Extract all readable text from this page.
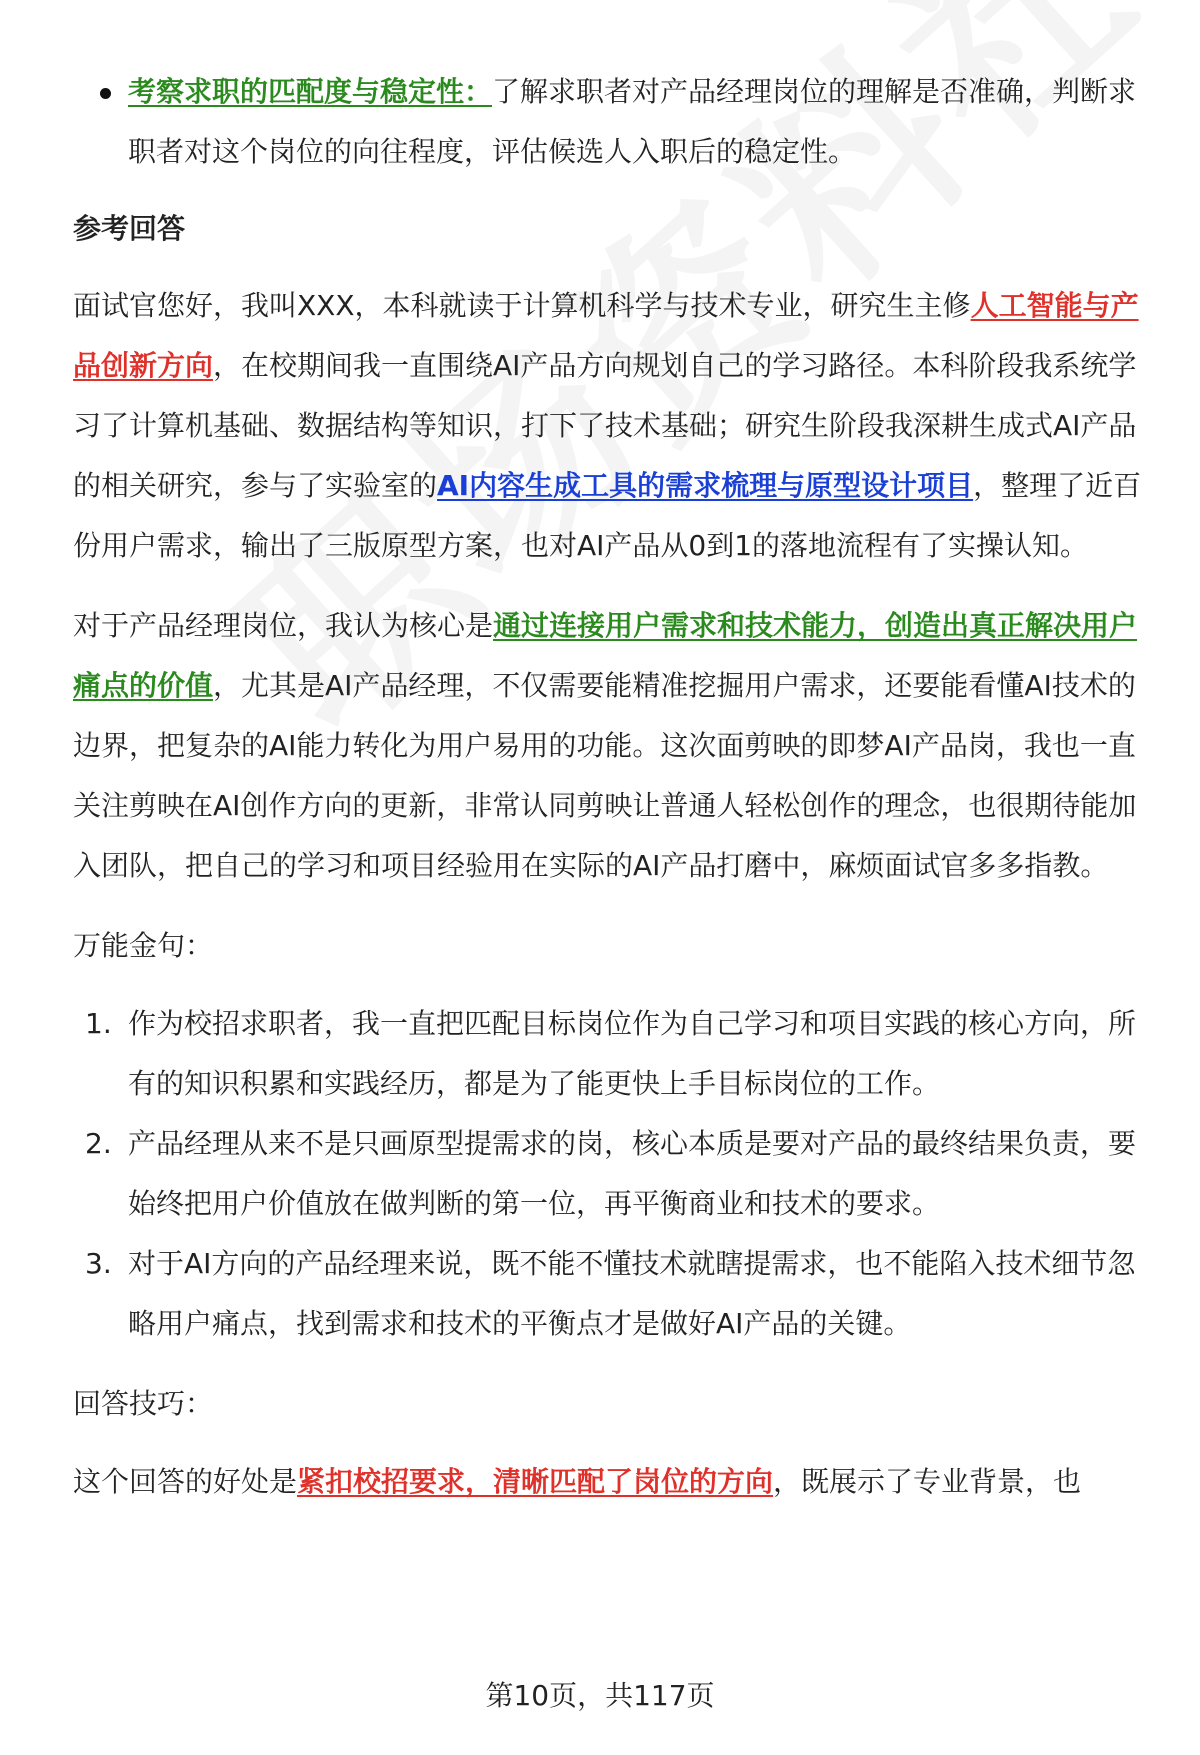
考察求职的匹配度与稳定性：了解求职者对产品经理岗位的理解是否准确，判断求职者对这个岗位的向往程度，评估候选人入职后的稳定性。
参考回答

面试官您好，我叫XXX，本科就读于计算机科学与技术专业，研究生主修人工智能与产品创新方向，在校期间我一直围绕AI产品方向规划自己的学习路径。本科阶段我系统学习了计算机基础、数据结构等知识，打下了技术基础；研究生阶段我深耕生成式AI产品的相关研究，参与了实验室的AI内容生成工具的需求梳理与原型设计项目，整理了近百份用户需求，输出了三版原型方案，也对AI产品从0到1的落地流程有了实操认知。

对于产品经理岗位，我认为核心是通过连接用户需求和技术能力，创造出真正解决用户痛点的价值，尤其是AI产品经理，不仅需要能精准挖掘用户需求，还要能看懂AI技术的边界，把复杂的AI能力转化为用户易用的功能。这次面剪映的即梦AI产品岗，我也一直关注剪映在AI创作方向的更新，非常认同剪映让普通人轻松创作的理念，也很期待能加入团队，把自己的学习和项目经验用在实际的AI产品打磨中，麻烦面试官多多指教。

万能金句：
1. 作为校招求职者，我一直把匹配目标岗位作为自己学习和项目实践的核心方向，所有的知识积累和实践经历，都是为了能更快上手目标岗位的工作。
2. 产品经理从来不是只画原型提需求的岗，核心本质是要对产品的最终结果负责，要始终把用户价值放在做判断的第一位，再平衡商业和技术的要求。
3. 对于AI方向的产品经理来说，既不能不懂技术就瞎提需求，也不能陷入技术细节忽略用户痛点，找到需求和技术的平衡点才是做好AI产品的关键。
回答技巧：

这个回答的好处是紧扣校招要求，清晰匹配了岗位的方向，既展示了专业背景，也

第10页，共117页
